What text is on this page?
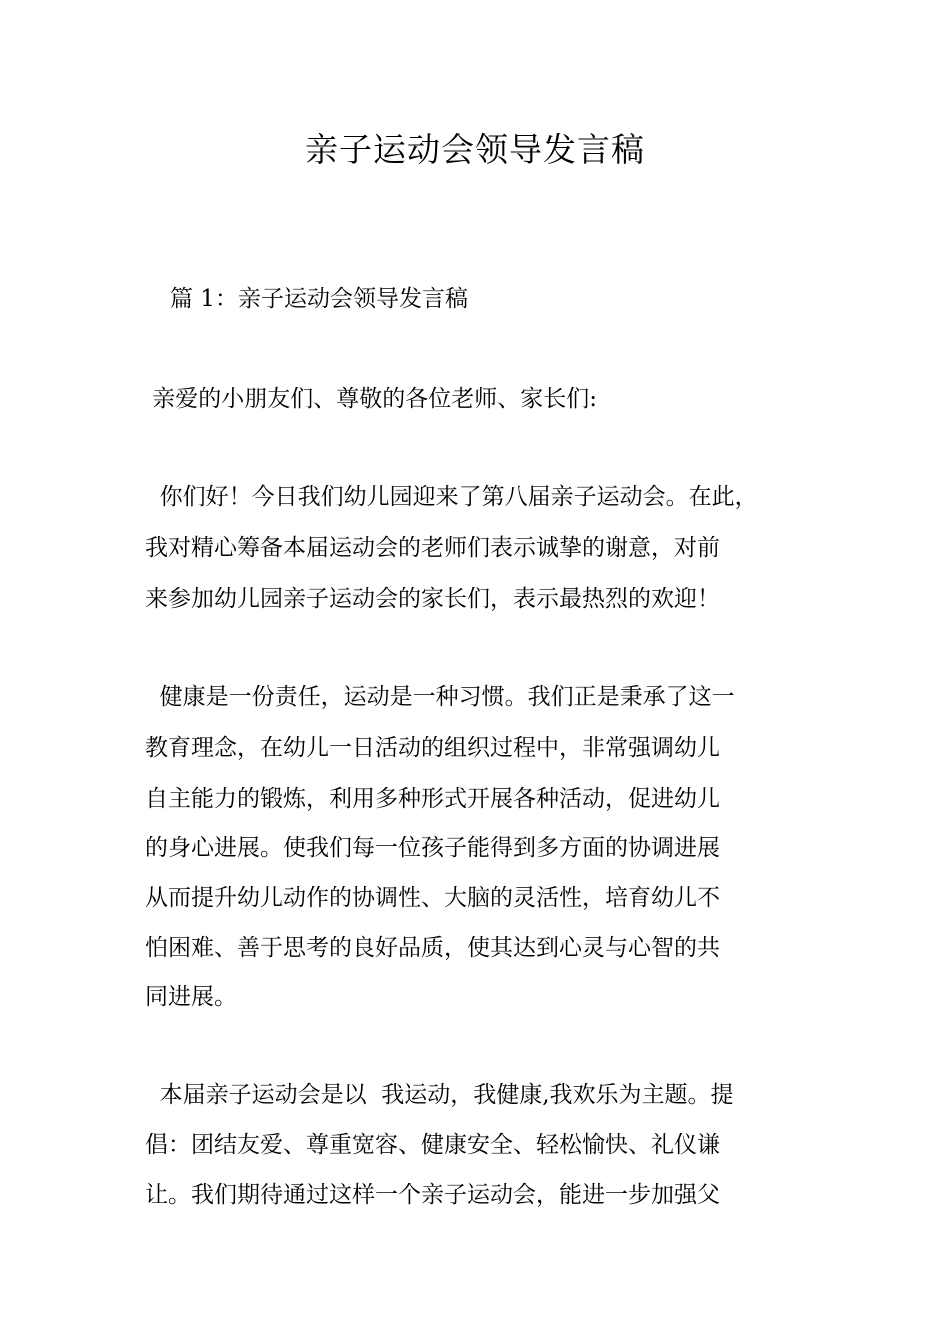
亲子运动会领导发言稿
篇 1：亲子运动会领导发言稿
亲爱的小朋友们、尊敬的各位老师、家长们:
你们好！今日我们幼儿园迎来了第八届亲子运动会。在此，
我对精心筹备本届运动会的老师们表示诚挚的谢意，对前
来参加幼儿园亲子运动会的家长们，表示最热烈的欢迎！
健康是一份责任，运动是一种习惯。我们正是秉承了这一
教育理念，在幼儿一日活动的组织过程中，非常强调幼儿
自主能力的锻炼，利用多种形式开展各种活动，促进幼儿
的身心进展。使我们每一位孩子能得到多方面的协调进展
从而提升幼儿动作的协调性、大脑的灵活性，培育幼儿不
怕困难、善于思考的良好品质，使其达到心灵与心智的共
同进展。
本届亲子运动会是以  我运动，我健康,我欢乐为主题。提
倡：团结友爱、尊重宽容、健康安全、轻松愉快、礼仪谦
让。我们期待通过这样一个亲子运动会，能进一步加强父
